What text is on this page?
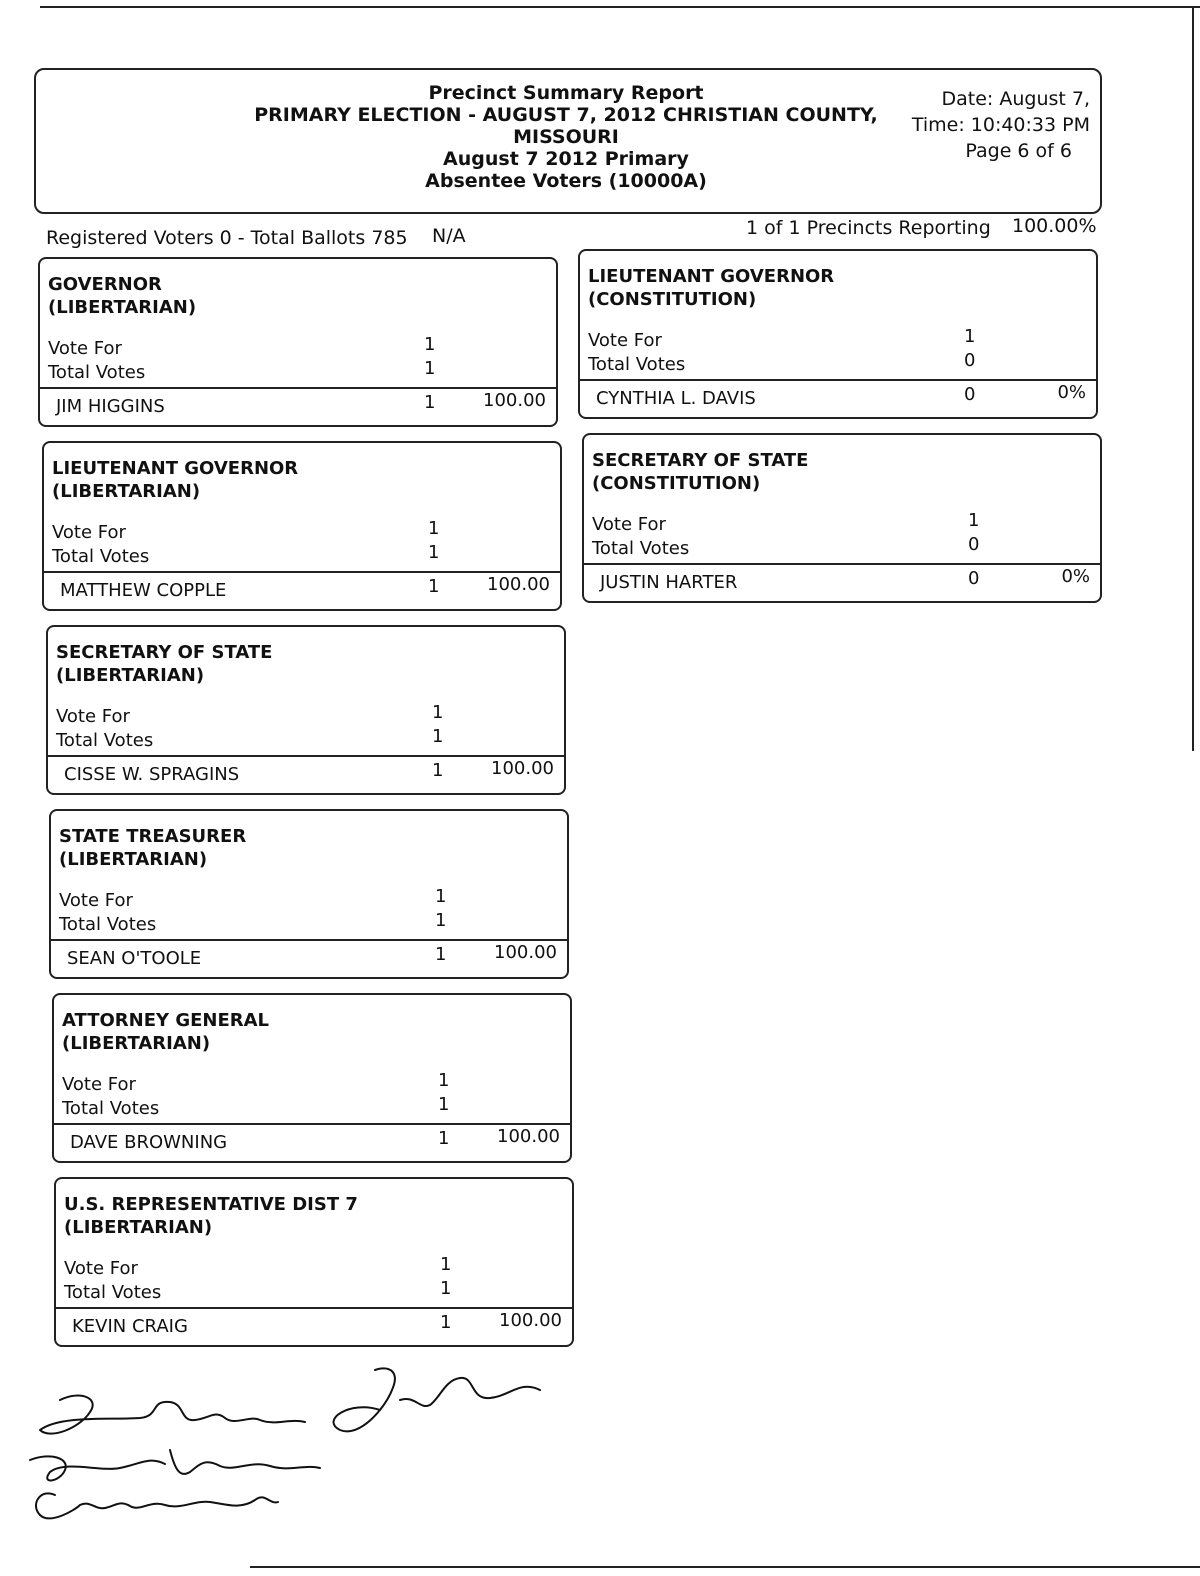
Precinct Summary Report
PRIMARY ELECTION - AUGUST 7, 2012 CHRISTIAN COUNTY,
MISSOURI
August 7 2012 Primary
Absentee Voters (10000A)
Date: August 7,
Time: 10:40:33 PM
Page 6 of 6
Registered Voters 0 - Total Ballots 785 N/A	1 of 1 Precincts Reporting 100.00%
GOVERNOR
(LIBERTARIAN)
Vote For	1
Total Votes	1
JIM HIGGINS	1	100.00
LIEUTENANT GOVERNOR
(LIBERTARIAN)
Vote For	1
Total Votes	1
MATTHEW COPPLE	1	100.00
SECRETARY OF STATE
(LIBERTARIAN)
Vote For	1
Total Votes	1
CISSE W. SPRAGINS	1	100.00
STATE TREASURER
(LIBERTARIAN)
Vote For	1
Total Votes	1
SEAN O'TOOLE	1	100.00
ATTORNEY GENERAL
(LIBERTARIAN)
Vote For	1
Total Votes	1
DAVE BROWNING	1	100.00
U.S. REPRESENTATIVE DIST 7
(LIBERTARIAN)
Vote For	1
Total Votes	1
KEVIN CRAIG	1	100.00
LIEUTENANT GOVERNOR
(CONSTITUTION)
Vote For	1
Total Votes	0
CYNTHIA L. DAVIS	0	0%
SECRETARY OF STATE
(CONSTITUTION)
Vote For	1
Total Votes	0
JUSTIN HARTER	0	0%
